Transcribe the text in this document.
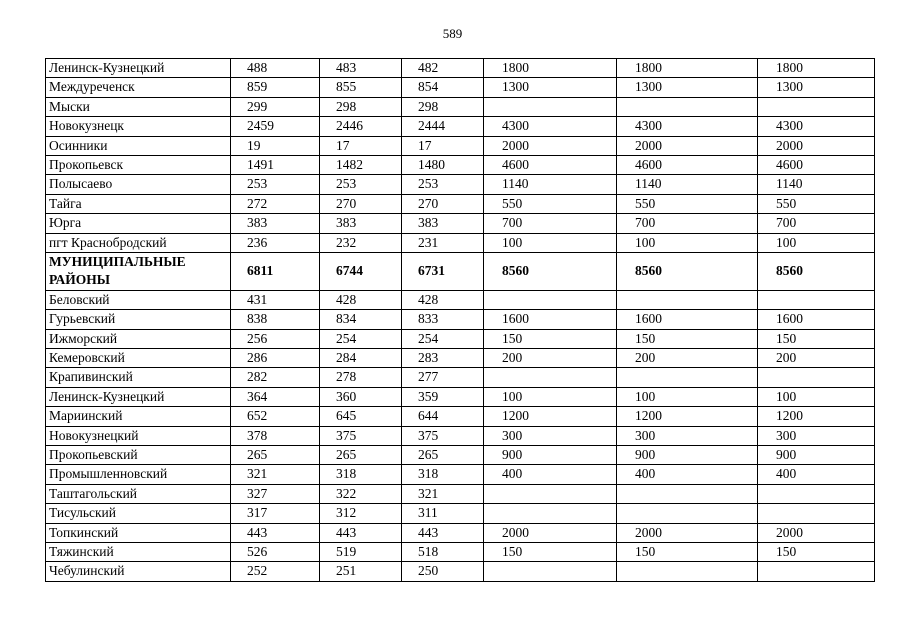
589
Ленинск-Кузнецкий	488	483	482	1800	1800	1800
Междуреченск	859	855	854	1300	1300	1300
Мыски	299	298	298			
Новокузнецк	2459	2446	2444	4300	4300	4300
Осинники	19	17	17	2000	2000	2000
Прокопьевск	1491	1482	1480	4600	4600	4600
Полысаево	253	253	253	1140	1140	1140
Тайга	272	270	270	550	550	550
Юрга	383	383	383	700	700	700
пгт Краснобродский	236	232	231	100	100	100
МУНИЦИПАЛЬНЫЕ РАЙОНЫ	6811	6744	6731	8560	8560	8560
Беловский	431	428	428			
Гурьевский	838	834	833	1600	1600	1600
Ижморский	256	254	254	150	150	150
Кемеровский	286	284	283	200	200	200
Крапивинский	282	278	277			
Ленинск-Кузнецкий	364	360	359	100	100	100
Мариинский	652	645	644	1200	1200	1200
Новокузнецкий	378	375	375	300	300	300
Прокопьевский	265	265	265	900	900	900
Промышленновский	321	318	318	400	400	400
Таштагольский	327	322	321			
Тисульский	317	312	311			
Топкинский	443	443	443	2000	2000	2000
Тяжинский	526	519	518	150	150	150
Чебулинский	252	251	250			
